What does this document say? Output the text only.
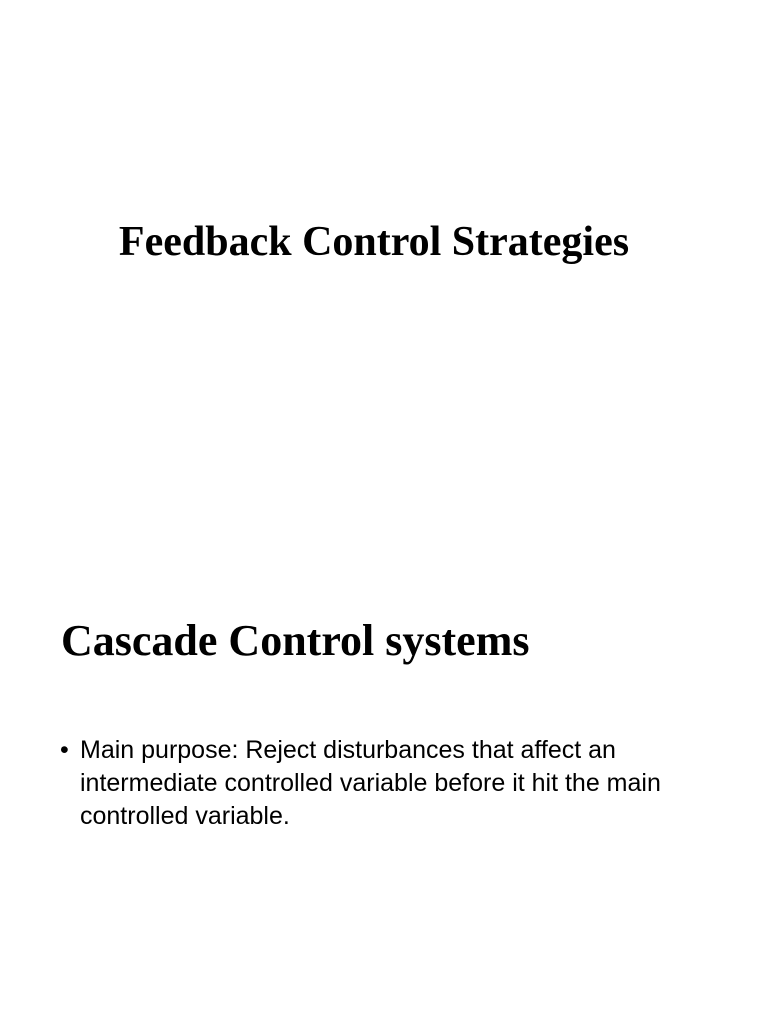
Feedback Control Strategies
Cascade Control systems
• Main purpose: Reject disturbances that affect an intermediate controlled variable before it hit the main controlled variable.
